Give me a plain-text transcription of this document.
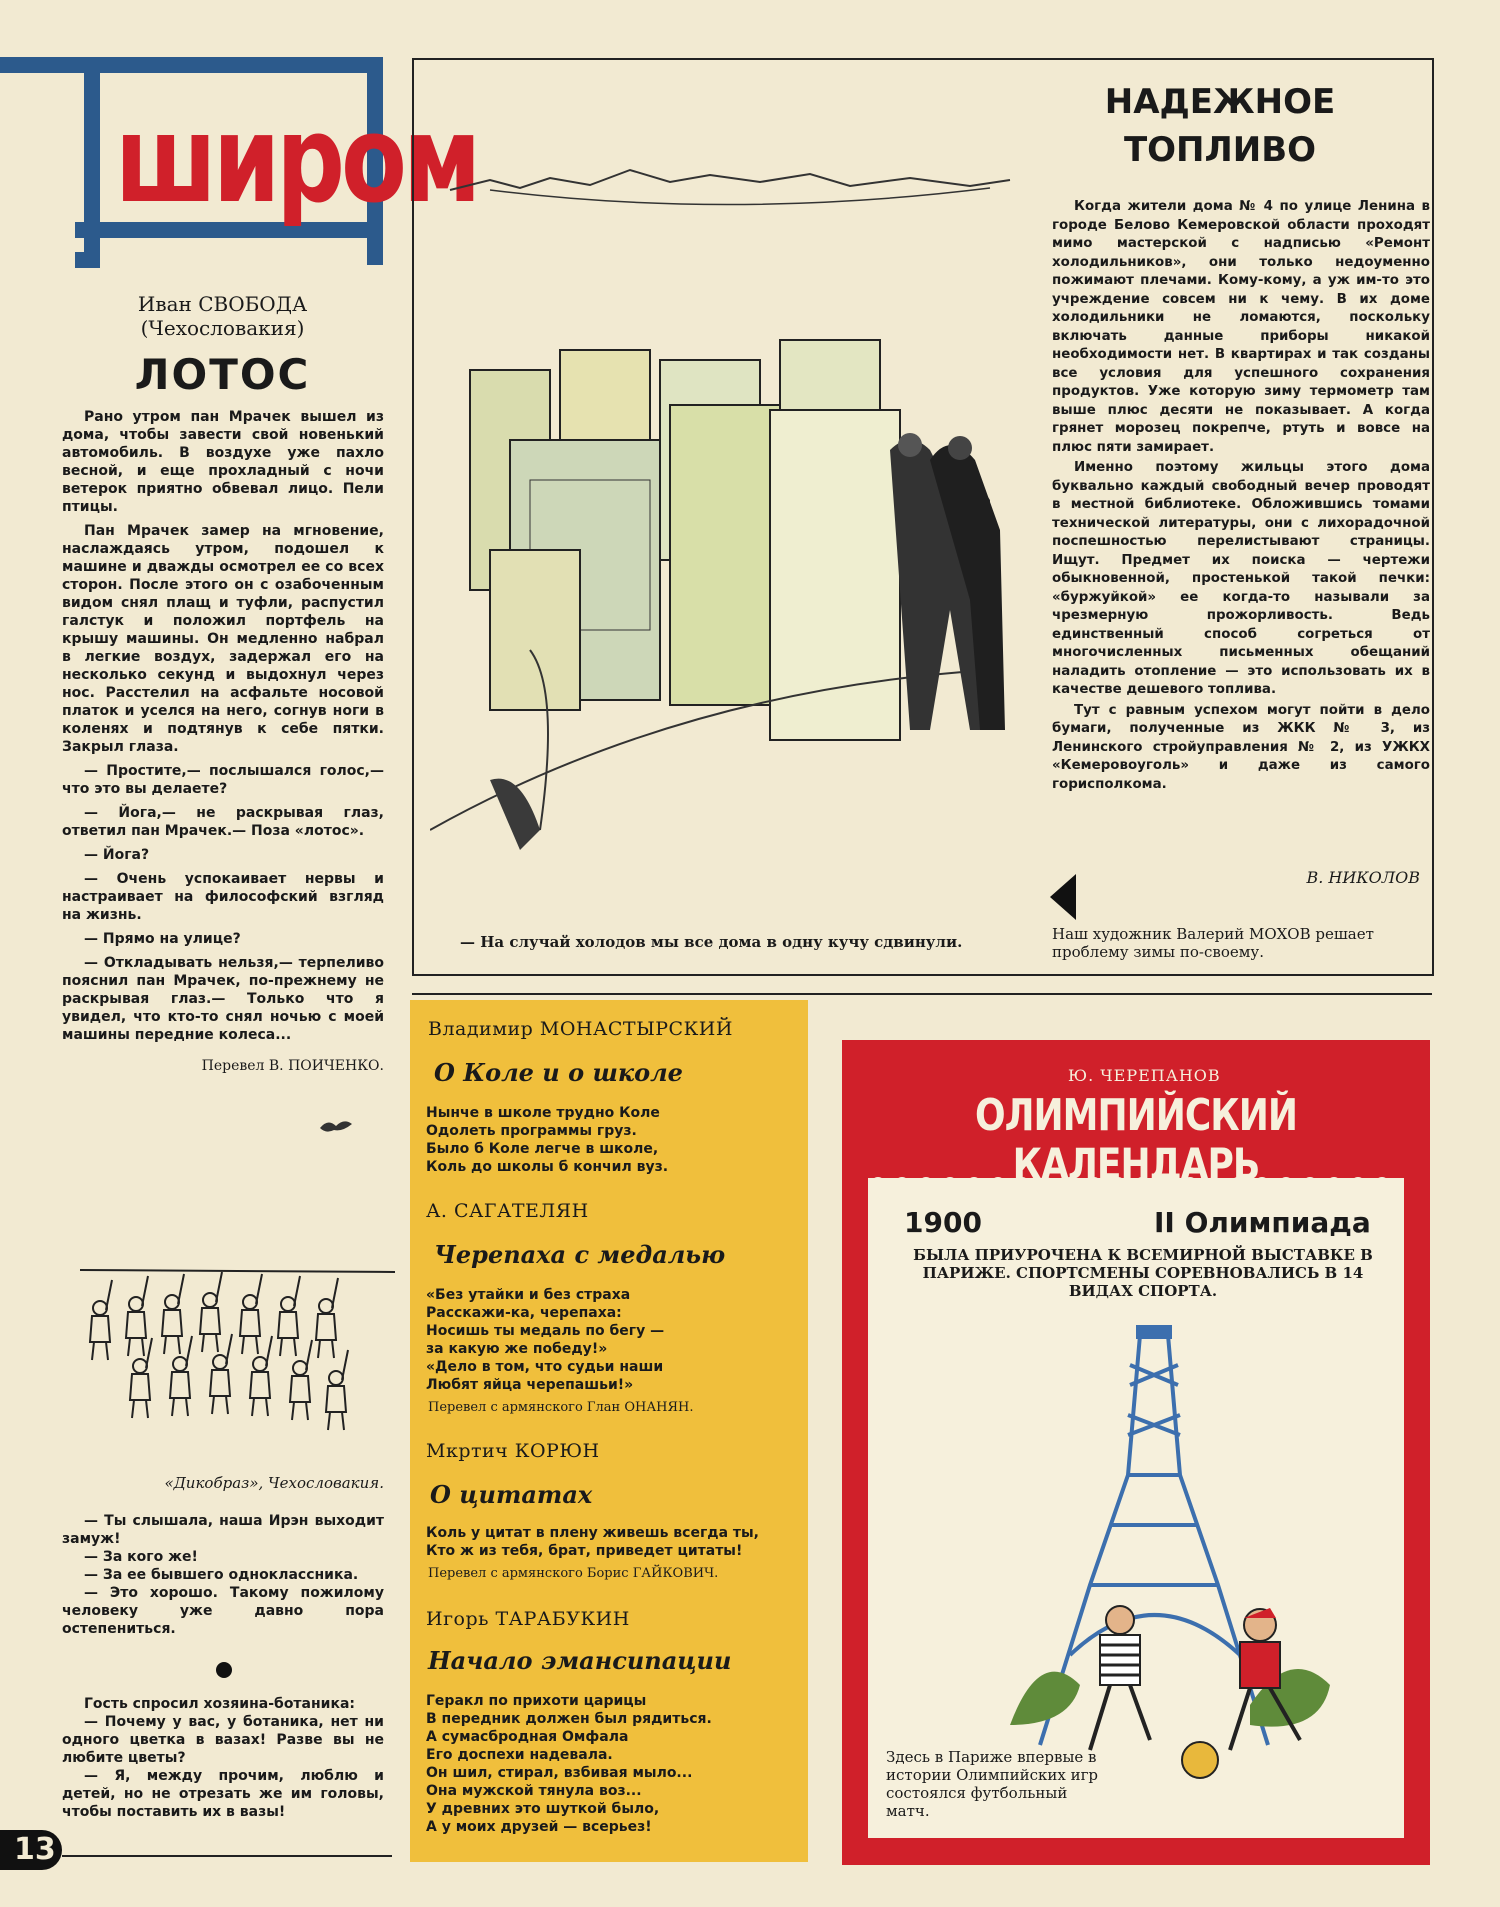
широм
Иван СВОБОДА
(Чехословакия)
ЛОТОС

Рано утром пан Мрачек вышел из дома, чтобы завести свой новенький автомобиль. В воздухе уже пахло весной, и еще прохладный с ночи ветерок приятно обвевал лицо. Пели птицы.

Пан Мрачек замер на мгновение, наслаждаясь утром, подошел к машине и дважды осмотрел ее со всех сторон. После этого он с озабоченным видом снял плащ и туфли, распустил галстук и положил портфель на крышу машины. Он медленно набрал в легкие воздух, задержал его на несколько секунд и выдохнул через нос. Расстелил на асфальте носовой платок и уселся на него, согнув ноги в коленях и подтянув к себе пятки. Закрыл глаза.

— Простите,— послышался голос,— что это вы делаете?

— Йога,— не раскрывая глаз, ответил пан Мрачек.— Поза «лотос».

— Йога?

— Очень успокаивает нервы и настраивает на философский взгляд на жизнь.

— Прямо на улице?

— Откладывать нельзя,— терпеливо пояснил пан Мрачек, по-прежнему не раскрывая глаз.— Только что я увидел, что кто-то снял ночью с моей машины передние колеса...

Перевел В. ПОИЧЕНКО.
«Дикобраз», Чехословакия.

— Ты слышала, наша Ирэн выходит замуж!

— За кого же!

— За ее бывшего одноклассника.

— Это хорошо. Такому пожилому человеку уже давно пора остепениться.

Гость спросил хозяина-ботаника:

— Почему у вас, у ботаника, нет ни одного цветка в вазах! Разве вы не любите цветы?

— Я, между прочим, люблю и детей, но не отрезать же им головы, чтобы поставить их в вазы!

13
— На случай холодов мы все дома в одну кучу сдвинули.
НАДЕЖНОЕ
ТОПЛИВО

Когда жители дома № 4 по улице Ленина в городе Белово Кемеровской области проходят мимо мастерской с надписью «Ремонт холодильников», они только недоуменно пожимают плечами. Кому-кому, а уж им-то это учреждение совсем ни к чему. В их доме холодильники не ломаются, поскольку включать данные приборы никакой необходимости нет. В квартирах и так созданы все условия для успешного сохранения продуктов. Уже которую зиму термометр там выше плюс десяти не показывает. А когда грянет морозец покрепче, ртуть и вовсе на плюс пяти замирает.

Именно поэтому жильцы этого дома буквально каждый свободный вечер проводят в местной библиотеке. Обложившись томами технической литературы, они с лихорадочной поспешностью перелистывают страницы. Ищут. Предмет их поиска — чертежи обыкновенной, простенькой такой печки: «буржуйкой» ее когда-то называли за чрезмерную прожорливость. Ведь единственный способ согреться от многочисленных письменных обещаний наладить отопление — это использовать их в качестве дешевого топлива.

Тут с равным успехом могут пойти в дело бумаги, полученные из ЖКК № 3, из Ленинского стройуправления № 2, из УЖКХ «Кемеровоуголь» и даже из самого горисполкома.

В. НИКОЛОВ
Наш художник Валерий МОХОВ решает проблему зимы по-своему.
Владимир МОНАСТЫРСКИЙ
О Коле и о школе
Нынче в школе трудно Коле
Одолеть программы груз.
Было б Коле легче в школе,
Коль до школы б кончил вуз.
А. САГАТЕЛЯН
Черепаха с медалью
«Без утайки и без страха
Расскажи-ка, черепаха:
Носишь ты медаль по бегу —
за какую же победу!»
«Дело в том, что судьи наши
Любят яйца черепашьи!»
Перевел с армянского Глан ОНАНЯН.
Мкртич КОРЮН
О цитатах
Коль у цитат в плену живешь всегда ты,
Кто ж из тебя, брат, приведет цитаты!
Перевел с армянского Борис ГАЙКОВИЧ.
Игорь ТАРАБУКИН
Начало эмансипации
Геракл по прихоти царицы
В передник должен был рядиться.
А сумасбродная Омфала
Его доспехи надевала.
Он шил, стирал, взбивая мыло...
Она мужской тянула воз...
У древних это шуткой было,
А у моих друзей — всерьез!
Ю. ЧЕРЕПАНОВ
ОЛИМПИЙСКИЙ КАЛЕНДАРЬ
1900	II Олимпиада
БЫЛА ПРИУРОЧЕНА К ВСЕМИРНОЙ ВЫСТАВКЕ В ПАРИЖЕ. СПОРТСМЕНЫ СОРЕВНОВАЛИСЬ В 14 ВИДАХ СПОРТА.
Здесь в Париже впервые в истории Олимпийских игр состоялся футбольный матч.
